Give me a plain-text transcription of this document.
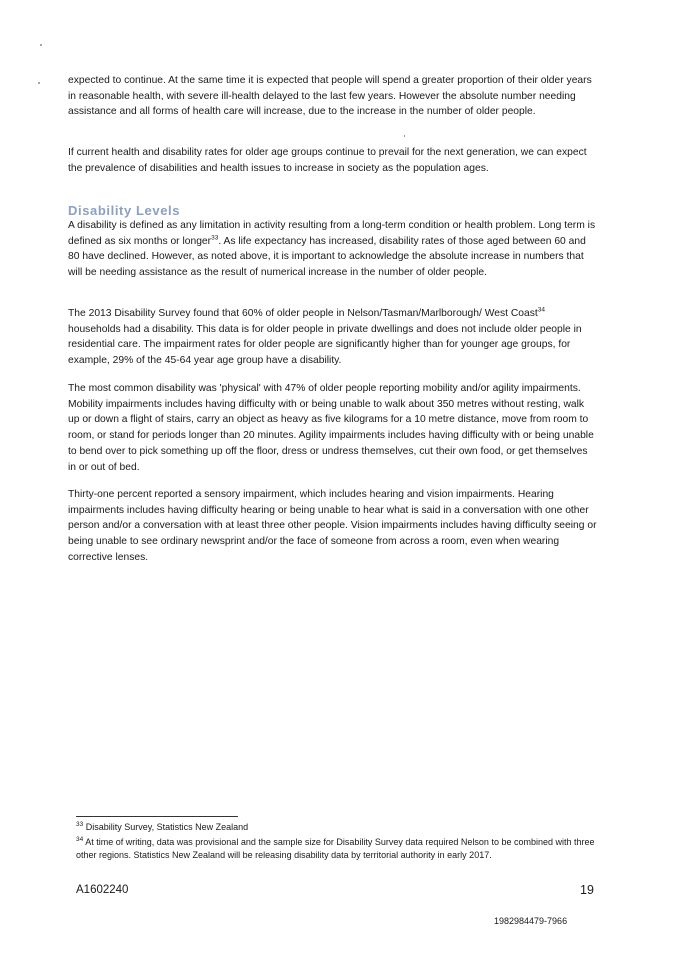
expected to continue. At the same time it is expected that people will spend a greater proportion of their older years in reasonable health, with severe ill-health delayed to the last few years. However the absolute number needing assistance and all forms of health care will increase, due to the increase in the number of older people.

If current health and disability rates for older age groups continue to prevail for the next generation, we can expect the prevalence of disabilities and health issues to increase in society as the population ages.

Disability Levels

A disability is defined as any limitation in activity resulting from a long-term condition or health problem. Long term is defined as six months or longer$^{33}$. As life expectancy has increased, disability rates of those aged between 60 and 80 have declined. However, as noted above, it is important to acknowledge the absolute increase in numbers that will be needing assistance as the result of numerical increase in the number of older people.

The 2013 Disability Survey found that 60% of older people in Nelson/Tasman/Marlborough/ West Coast$^{34}$ households had a disability. This data is for older people in private dwellings and does not include older people in residential care. The impairment rates for older people are significantly higher than for younger age groups, for example, 29% of the 45-64 year age group have a disability.

The most common disability was 'physical' with 47% of older people reporting mobility and/or agility impairments. Mobility impairments includes having difficulty with or being unable to walk about 350 metres without resting, walk up or down a flight of stairs, carry an object as heavy as five kilograms for a 10 metre distance, move from room to room, or stand for periods longer than 20 minutes. Agility impairments includes having difficulty with or being unable to bend over to pick something up off the floor, dress or undress themselves, cut their own food, or get themselves in or out of bed.

Thirty-one percent reported a sensory impairment, which includes hearing and vision impairments. Hearing impairments includes having difficulty hearing or being unable to hear what is said in a conversation with one other person and/or a conversation with at least three other people. Vision impairments includes having difficulty seeing or being unable to see ordinary newsprint and/or the face of someone from across a room, even when wearing corrective lenses.

$^{33}$ Disability Survey, Statistics New Zealand

$^{34}$ At time of writing, data was provisional and the sample size for Disability Survey data required Nelson to be combined with three other regions. Statistics New Zealand will be releasing disability data by territorial authority in early 2017.

A1602240	19
1982984479-7966
